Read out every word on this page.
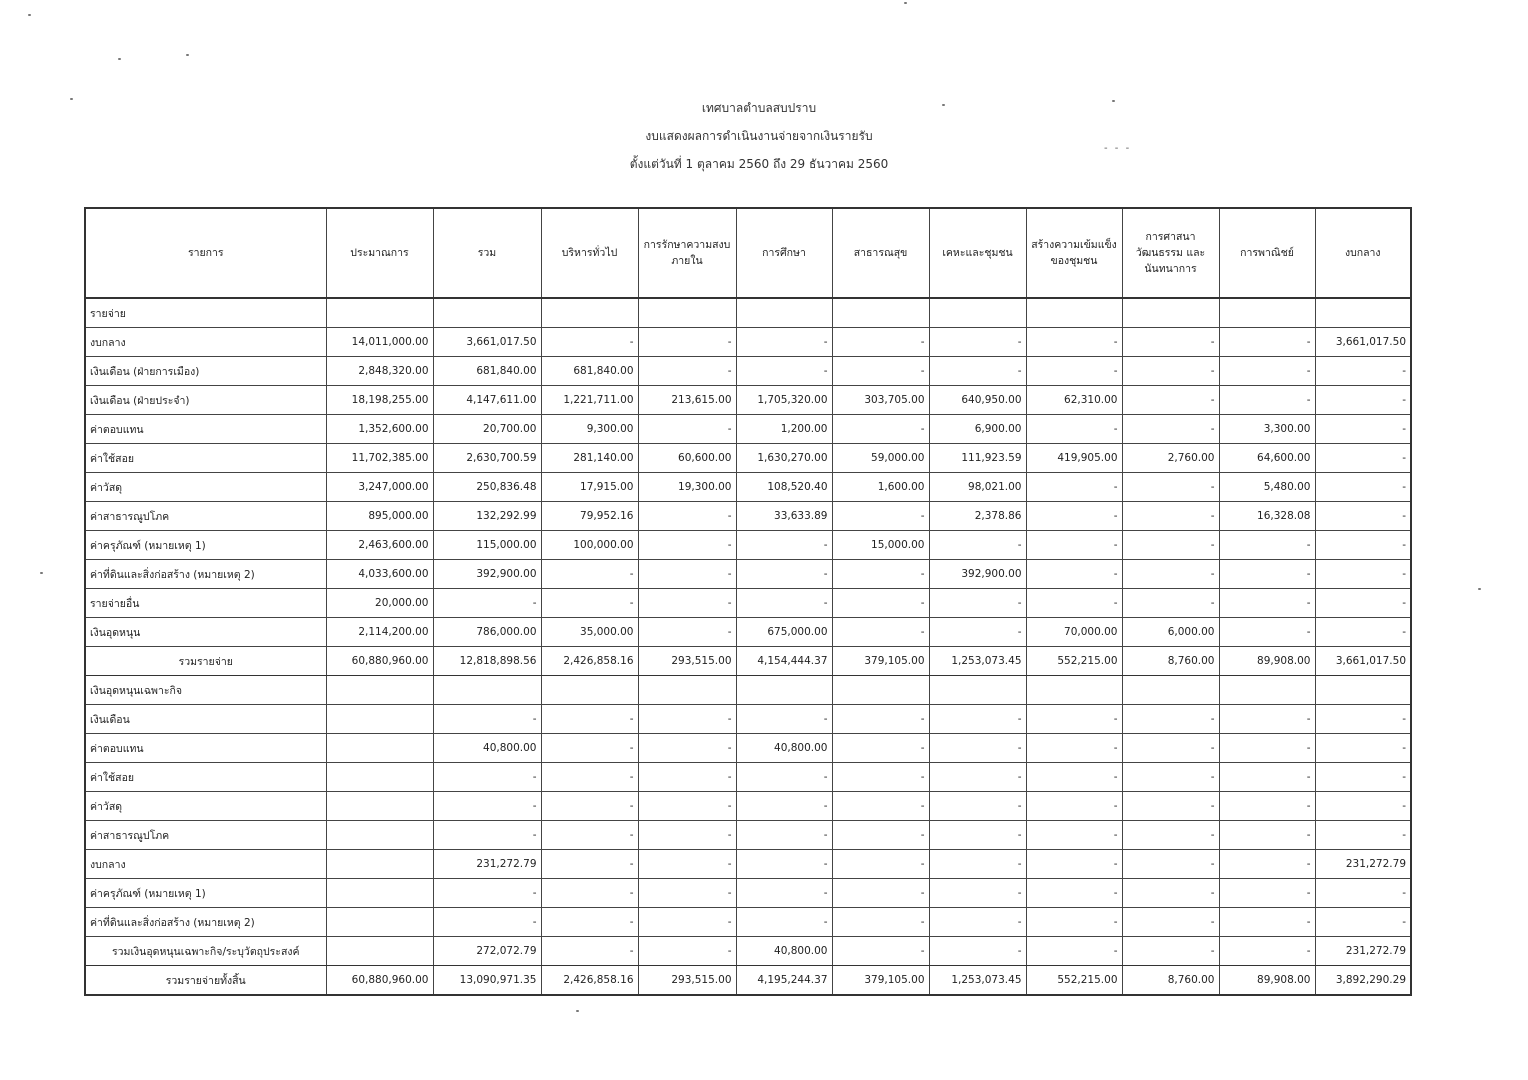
เทศบาลตำบลสบปราบ
งบแสดงผลการดำเนินงานจ่ายจากเงินรายรับ
ตั้งแต่วันที่ 1 ตุลาคม 2560 ถึง 29 ธันวาคม 2560
- - -
รายการ	ประมาณการ	รวม	บริหารทั่วไป	การรักษาความสงบภายใน	การศึกษา	สาธารณสุข	เคหะและชุมชน	สร้างความเข้มแข็งของชุมชน	การศาสนา วัฒนธรรม และนันทนาการ	การพาณิชย์	งบกลาง
รายจ่าย											
งบกลาง	14,011,000.00	3,661,017.50	-	-	-	-	-	-	-	-	3,661,017.50
เงินเดือน (ฝ่ายการเมือง)	2,848,320.00	681,840.00	681,840.00	-	-	-	-	-	-	-	-
เงินเดือน (ฝ่ายประจำ)	18,198,255.00	4,147,611.00	1,221,711.00	213,615.00	1,705,320.00	303,705.00	640,950.00	62,310.00	-	-	-
ค่าตอบแทน	1,352,600.00	20,700.00	9,300.00	-	1,200.00	-	6,900.00	-	-	3,300.00	-
ค่าใช้สอย	11,702,385.00	2,630,700.59	281,140.00	60,600.00	1,630,270.00	59,000.00	111,923.59	419,905.00	2,760.00	64,600.00	-
ค่าวัสดุ	3,247,000.00	250,836.48	17,915.00	19,300.00	108,520.40	1,600.00	98,021.00	-	-	5,480.00	-
ค่าสาธารณูปโภค	895,000.00	132,292.99	79,952.16	-	33,633.89	-	2,378.86	-	-	16,328.08	-
ค่าครุภัณฑ์ (หมายเหตุ 1)	2,463,600.00	115,000.00	100,000.00	-	-	15,000.00	-	-	-	-	-
ค่าที่ดินและสิ่งก่อสร้าง (หมายเหตุ 2)	4,033,600.00	392,900.00	-	-	-	-	392,900.00	-	-	-	-
รายจ่ายอื่น	20,000.00	-	-	-	-	-	-	-	-	-	-
เงินอุดหนุน	2,114,200.00	786,000.00	35,000.00	-	675,000.00	-	-	70,000.00	6,000.00	-	-
รวมรายจ่าย	60,880,960.00	12,818,898.56	2,426,858.16	293,515.00	4,154,444.37	379,105.00	1,253,073.45	552,215.00	8,760.00	89,908.00	3,661,017.50
เงินอุดหนุนเฉพาะกิจ											
เงินเดือน		-	-	-	-	-	-	-	-	-	-
ค่าตอบแทน		40,800.00	-	-	40,800.00	-	-	-	-	-	-
ค่าใช้สอย		-	-	-	-	-	-	-	-	-	-
ค่าวัสดุ		-	-	-	-	-	-	-	-	-	-
ค่าสาธารณูปโภค		-	-	-	-	-	-	-	-	-	-
งบกลาง		231,272.79	-	-	-	-	-	-	-	-	231,272.79
ค่าครุภัณฑ์ (หมายเหตุ 1)		-	-	-	-	-	-	-	-	-	-
ค่าที่ดินและสิ่งก่อสร้าง (หมายเหตุ 2)		-	-	-	-	-	-	-	-	-	-
รวมเงินอุดหนุนเฉพาะกิจ/ระบุวัตถุประสงค์		272,072.79	-	-	40,800.00	-	-	-	-	-	231,272.79
รวมรายจ่ายทั้งสิ้น	60,880,960.00	13,090,971.35	2,426,858.16	293,515.00	4,195,244.37	379,105.00	1,253,073.45	552,215.00	8,760.00	89,908.00	3,892,290.29
